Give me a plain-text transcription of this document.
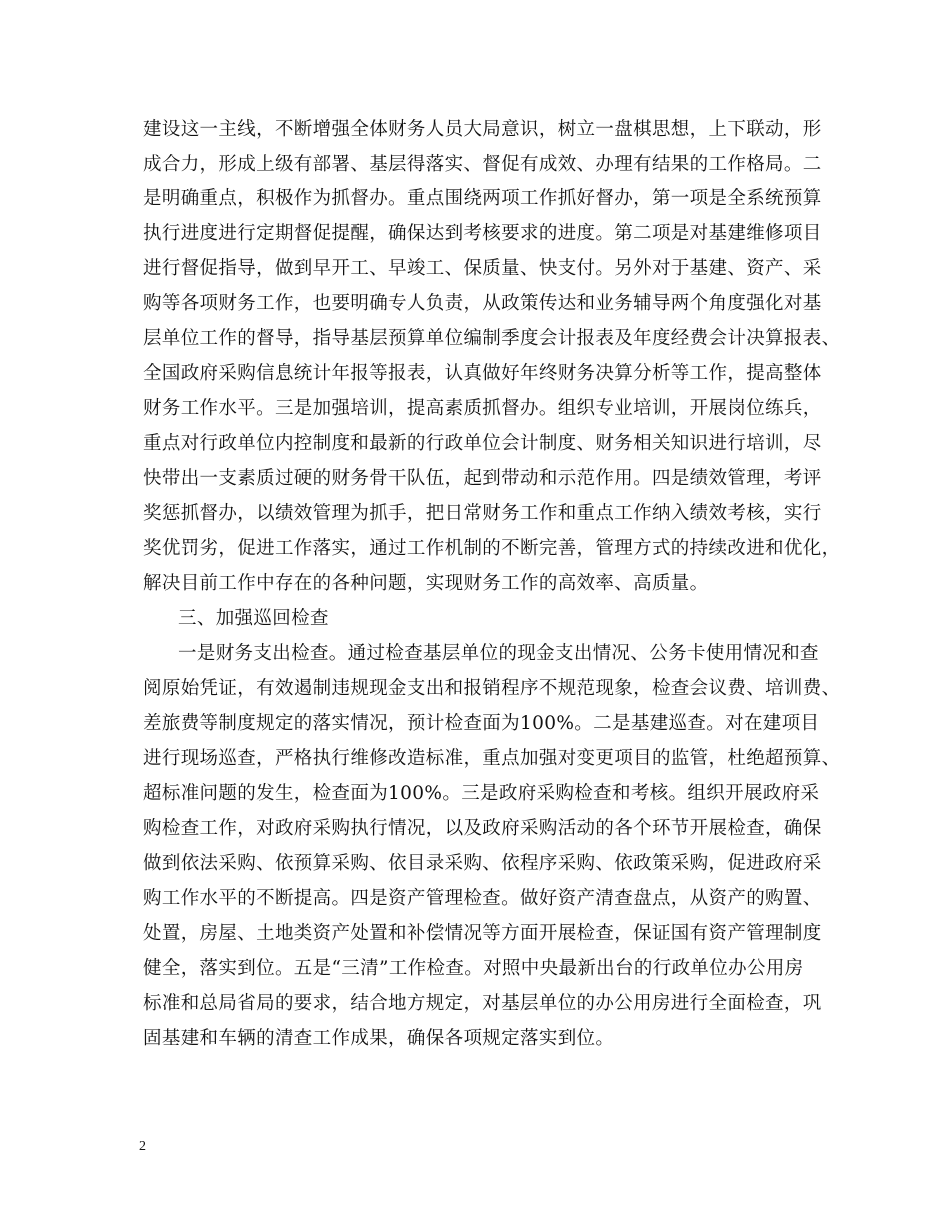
建设这一主线，不断增强全体财务人员大局意识，树立一盘棋思想，上下联动，形
成合力，形成上级有部署、基层得落实、督促有成效、办理有结果的工作格局。二
是明确重点，积极作为抓督办。重点围绕两项工作抓好督办，第一项是全系统预算
执行进度进行定期督促提醒，确保达到考核要求的进度。第二项是对基建维修项目
进行督促指导，做到早开工、早竣工、保质量、快支付。另外对于基建、资产、采
购等各项财务工作，也要明确专人负责，从政策传达和业务辅导两个角度强化对基
层单位工作的督导，指导基层预算单位编制季度会计报表及年度经费会计决算报表、
全国政府采购信息统计年报等报表，认真做好年终财务决算分析等工作，提高整体
财务工作水平。三是加强培训，提高素质抓督办。组织专业培训，开展岗位练兵，
重点对行政单位内控制度和最新的行政单位会计制度、财务相关知识进行培训，尽
快带出一支素质过硬的财务骨干队伍，起到带动和示范作用。四是绩效管理，考评
奖惩抓督办，以绩效管理为抓手，把日常财务工作和重点工作纳入绩效考核，实行
奖优罚劣，促进工作落实，通过工作机制的不断完善，管理方式的持续改进和优化，
解决目前工作中存在的各种问题，实现财务工作的高效率、高质量。
三、加强巡回检查
一是财务支出检查。通过检查基层单位的现金支出情况、公务卡使用情况和查
阅原始凭证，有效遏制违规现金支出和报销程序不规范现象，检查会议费、培训费、
差旅费等制度规定的落实情况，预计检查面为100%。二是基建巡查。对在建项目
进行现场巡查，严格执行维修改造标准，重点加强对变更项目的监管，杜绝超预算、
超标准问题的发生，检查面为100%。三是政府采购检查和考核。组织开展政府采
购检查工作，对政府采购执行情况，以及政府采购活动的各个环节开展检查，确保
做到依法采购、依预算采购、依目录采购、依程序采购、依政策采购，促进政府采
购工作水平的不断提高。四是资产管理检查。做好资产清查盘点，从资产的购置、
处置，房屋、土地类资产处置和补偿情况等方面开展检查，保证国有资产管理制度
健全，落实到位。五是“三清”工作检查。对照中央最新出台的行政单位办公用房
标准和总局省局的要求，结合地方规定，对基层单位的办公用房进行全面检查，巩
固基建和车辆的清查工作成果，确保各项规定落实到位。
2
